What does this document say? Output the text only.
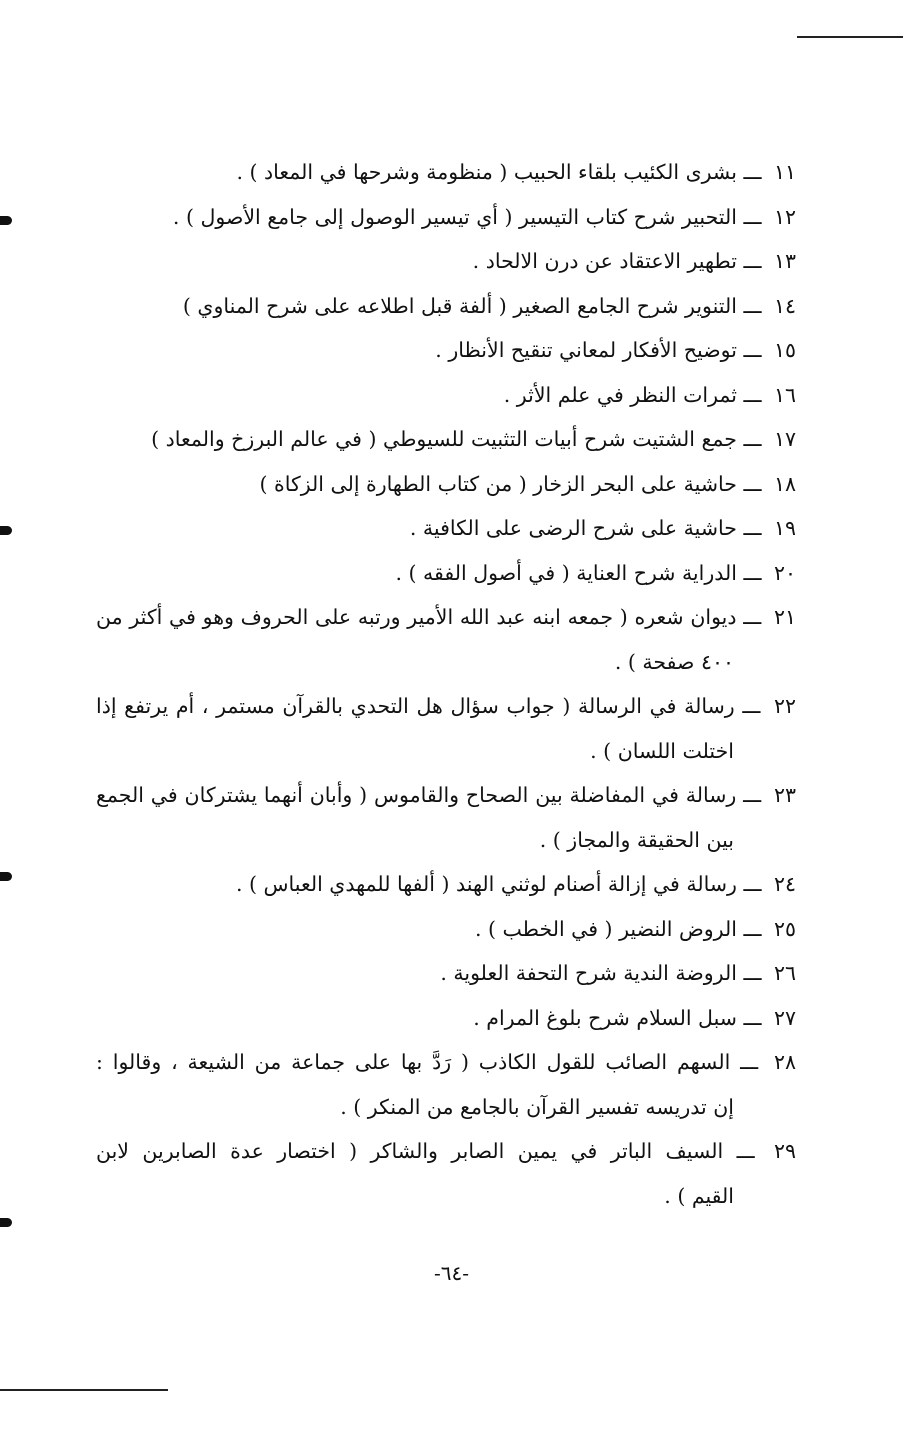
١١ ـــ بشرى الكئيب بلقاء الحبيب ( منظومة وشرحها في المعاد ) .
١٢ ـــ التحبير شرح كتاب التيسير ( أي تيسير الوصول إلى جامع الأصول ) .
١٣ ـــ تطهير الاعتقاد عن درن الالحاد .
١٤ ـــ التنوير شرح الجامع الصغير ( ألفة قبل اطلاعه على شرح المناوي )
١٥ ـــ توضيح الأفكار لمعاني تنقيح الأنظار .
١٦ ـــ ثمرات النظر في علم الأثر .
١٧ ـــ جمع الشتيت شرح أبيات التثبيت للسيوطي ( في عالم البرزخ والمعاد )
١٨ ـــ حاشية على البحر الزخار ( من كتاب الطهارة إلى الزكاة )
١٩ ـــ حاشية على شرح الرضى على الكافية .
٢٠ ـــ الدراية شرح العناية ( في أصول الفقه ) .
٢١ ـــ ديوان شعره ( جمعه ابنه عبد الله الأمير ورتبه على الحروف وهو في أكثر من
٤٠٠ صفحة ) .
٢٢ ـــ رسالة في الرسالة ( جواب سؤال هل التحدي بالقرآن مستمر ، أم يرتفع إذا
اختلت اللسان ) .
٢٣ ـــ رسالة في المفاضلة بين الصحاح والقاموس ( وأبان أنهما يشتركان في الجمع
بين الحقيقة والمجاز ) .
٢٤ ـــ رسالة في إزالة أصنام لوثني الهند ( ألفها للمهدي العباس ) .
٢٥ ـــ الروض النضير ( في الخطب ) .
٢٦ ـــ الروضة الندية شرح التحفة العلوية .
٢٧ ـــ سبل السلام شرح بلوغ المرام .
٢٨ ـــ السهم الصائب للقول الكاذب ( رَدَّ بها على جماعة من الشيعة ، وقالوا :
إن تدريسه تفسير القرآن بالجامع من المنكر ) .
٢٩ ـــ السيف الباتر في يمين الصابر والشاكر ( اختصار عدة الصابرين لابن
القيم ) .
-٦٤-
